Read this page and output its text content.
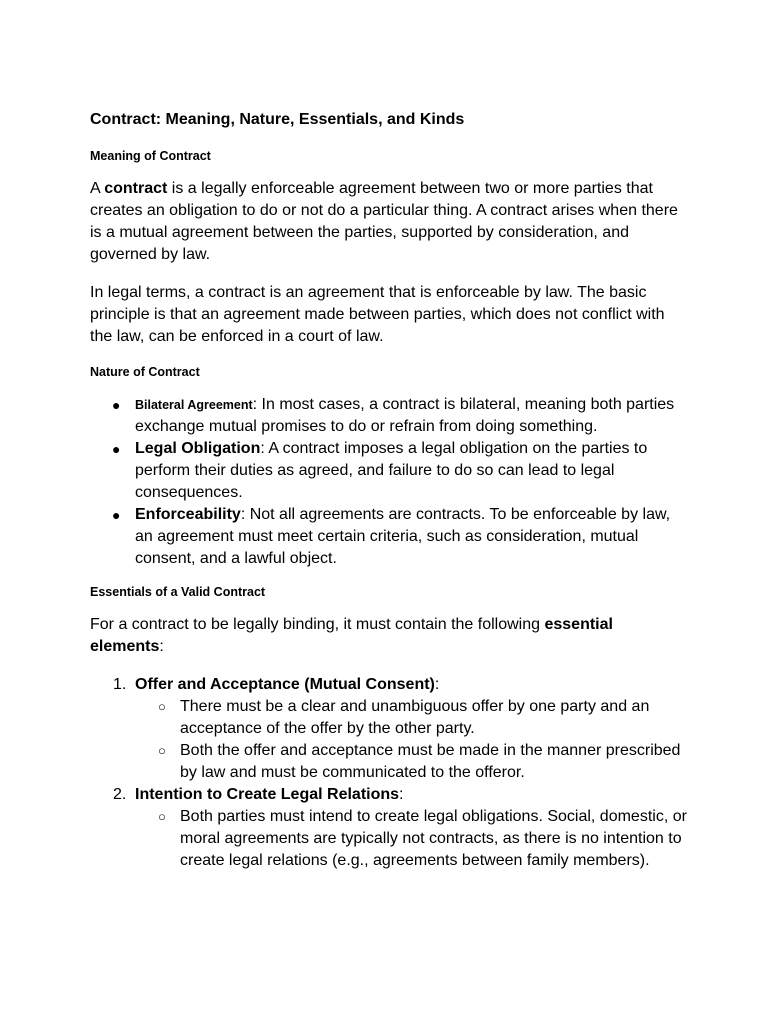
Contract: Meaning, Nature, Essentials, and Kinds
Meaning of Contract

A contract is a legally enforceable agreement between two or more parties that creates an obligation to do or not do a particular thing. A contract arises when there is a mutual agreement between the parties, supported by consideration, and governed by law.

In legal terms, a contract is an agreement that is enforceable by law. The basic principle is that an agreement made between parties, which does not conflict with the law, can be enforced in a court of law.

Nature of Contract
● Bilateral Agreement: In most cases, a contract is bilateral, meaning both parties exchange mutual promises to do or refrain from doing something.
● Legal Obligation: A contract imposes a legal obligation on the parties to perform their duties as agreed, and failure to do so can lead to legal consequences.
● Enforceability: Not all agreements are contracts. To be enforceable by law, an agreement must meet certain criteria, such as consideration, mutual consent, and a lawful object.
Essentials of a Valid Contract

For a contract to be legally binding, it must contain the following essential elements:

1. Offer and Acceptance (Mutual Consent):
○ There must be a clear and unambiguous offer by one party and an acceptance of the offer by the other party.
○ Both the offer and acceptance must be made in the manner prescribed by law and must be communicated to the offeror.
2. Intention to Create Legal Relations:
○ Both parties must intend to create legal obligations. Social, domestic, or moral agreements are typically not contracts, as there is no intention to create legal relations (e.g., agreements between family members).
